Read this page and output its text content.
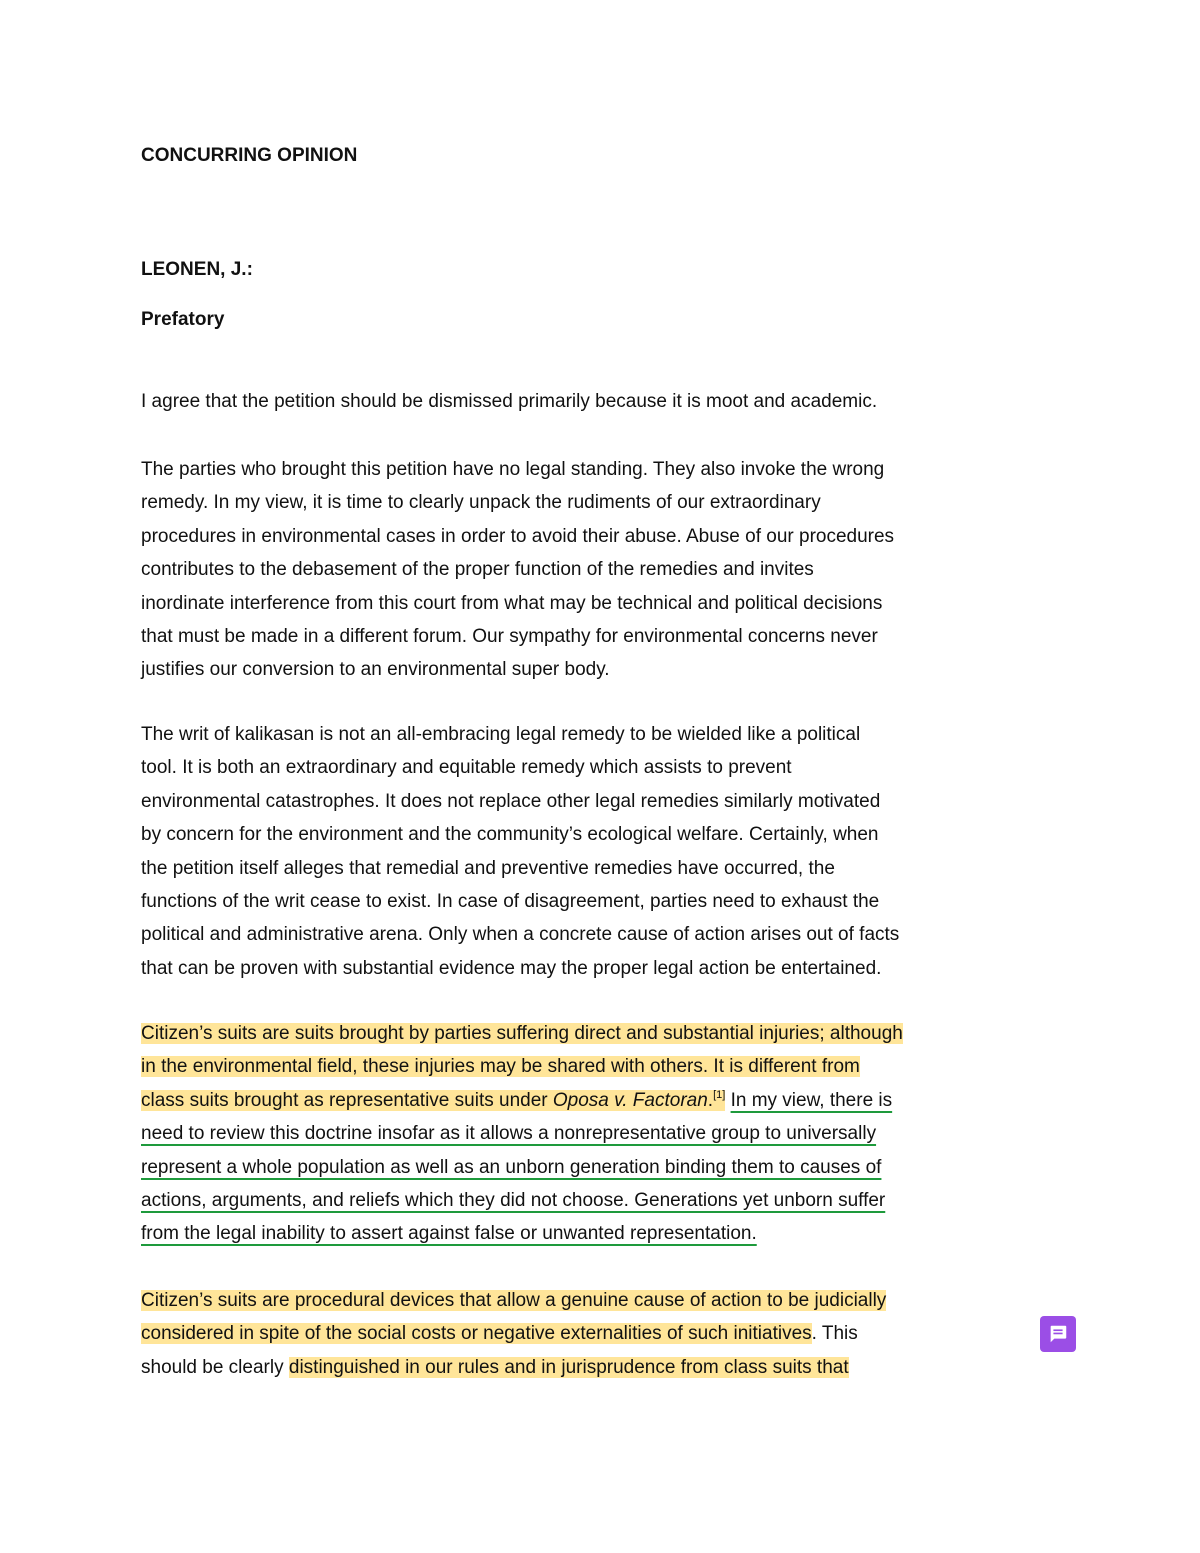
CONCURRING OPINION

LEONEN, J.:

Prefatory

I agree that the petition should be dismissed primarily because it is moot and academic.
The parties who brought this petition have no legal standing. They also invoke the wrong
remedy. In my view, it is time to clearly unpack the rudiments of our extraordinary
procedures in environmental cases in order to avoid their abuse. Abuse of our procedures
contributes to the debasement of the proper function of the remedies and invites
inordinate interference from this court from what may be technical and political decisions
that must be made in a different forum. Our sympathy for environmental concerns never
justifies our conversion to an environmental super body.
The writ of kalikasan is not an all-embracing legal remedy to be wielded like a political
tool. It is both an extraordinary and equitable remedy which assists to prevent
environmental catastrophes. It does not replace other legal remedies similarly motivated
by concern for the environment and the community’s ecological welfare. Certainly, when
the petition itself alleges that remedial and preventive remedies have occurred, the
functions of the writ cease to exist. In case of disagreement, parties need to exhaust the
political and administrative arena. Only when a concrete cause of action arises out of facts
that can be proven with substantial evidence may the proper legal action be entertained.
Citizen’s suits are suits brought by parties suffering direct and substantial injuries; although
in the environmental field, these injuries may be shared with others. It is different from
class suits brought as representative suits under Oposa v. Factoran.[1] In my view, there is
need to review this doctrine insofar as it allows a nonrepresentative group to universally
represent a whole population as well as an unborn generation binding them to causes of
actions, arguments, and reliefs which they did not choose. Generations yet unborn suffer
from the legal inability to assert against false or unwanted representation.
Citizen’s suits are procedural devices that allow a genuine cause of action to be judicially
considered in spite of the social costs or negative externalities of such initiatives. This
should be clearly distinguished in our rules and in jurisprudence from class suits that
